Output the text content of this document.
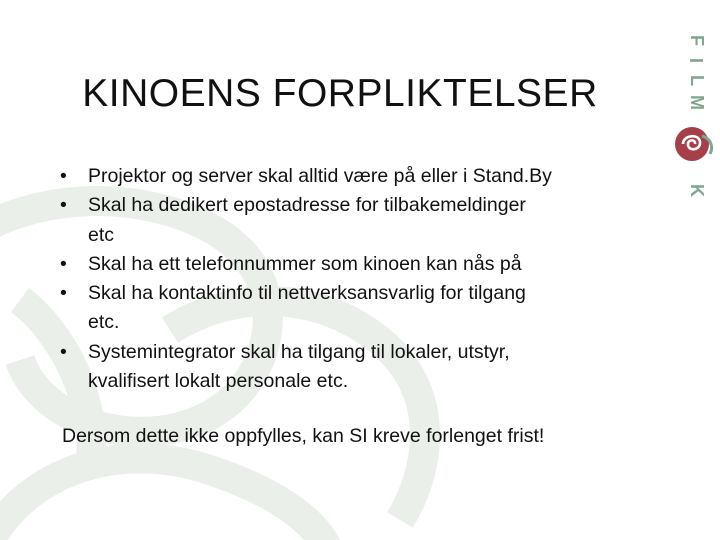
KINOENS FORPLIKTELSER
• Projektor og server skal alltid være på eller i Stand.By
• Skal ha dedikert epostadresse for tilbakemeldinger
etc
• Skal ha ett telefonnummer som kinoen kan nås på
• Skal ha kontaktinfo til nettverksansvarlig for tilgang
etc.
• Systemintegrator skal ha tilgang til lokaler, utstyr,
kvalifisert lokalt personale etc.
Dersom dette ikke oppfylles, kan SI kreve forlenget frist!
F
I
L
M
K
